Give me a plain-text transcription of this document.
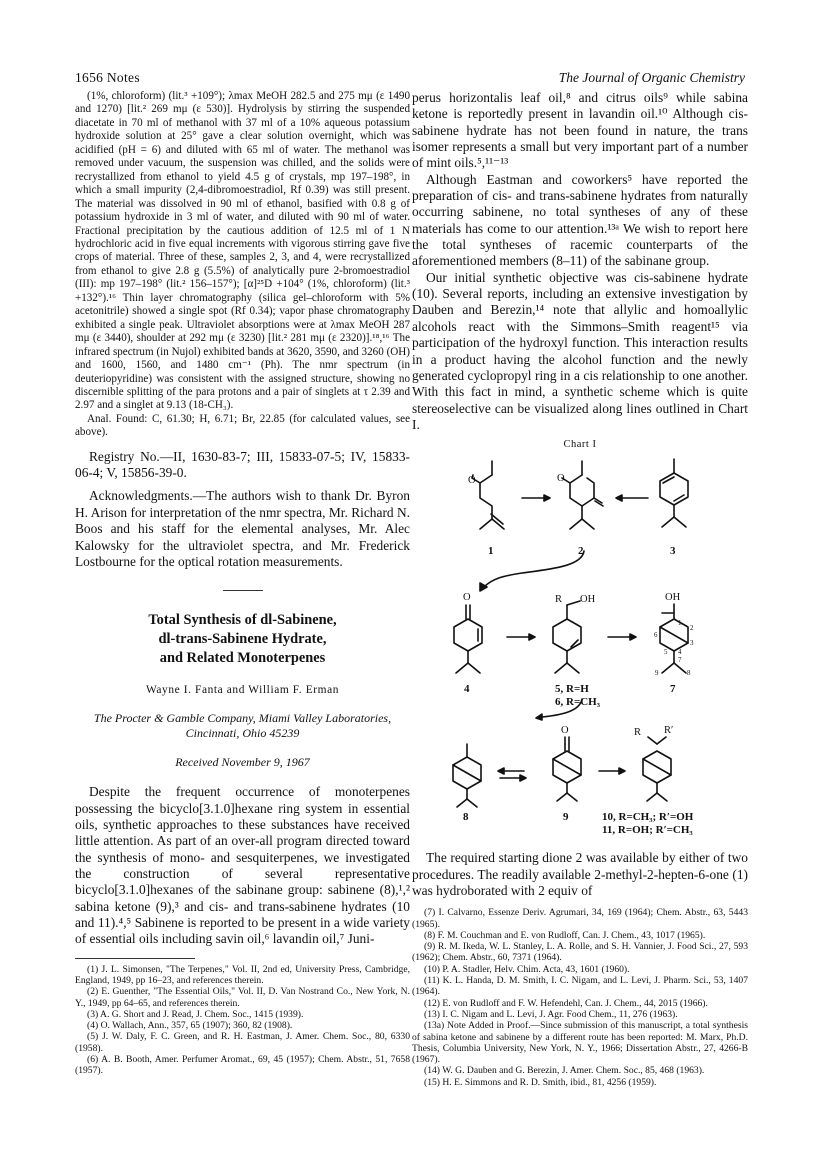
1656 Notes	The Journal of Organic Chemistry

(1%, chloroform) (lit.³ +109°); λmax MeOH 282.5 and 275 mμ (ε 1490 and 1270) [lit.² 269 mμ (ε 530)]. Hydrolysis by stirring the suspended diacetate in 70 ml of methanol with 37 ml of a 10% aqueous potassium hydroxide solution at 25° gave a clear solution overnight, which was acidified (pH = 6) and diluted with 65 ml of water. The methanol was removed under vacuum, the suspension was chilled, and the solids were recrystallized from ethanol to yield 4.5 g of crystals, mp 197–198°, in which a small impurity (2,4-dibromoestradiol, Rf 0.39) was still present. The material was dissolved in 90 ml of ethanol, basified with 0.8 g of potassium hydroxide in 3 ml of water, and diluted with 90 ml of water. Fractional precipitation by the cautious addition of 12.5 ml of 1 N hydrochloric acid in five equal increments with vigorous stirring gave five crops of material. Three of these, samples 2, 3, and 4, were recrystallized from ethanol to give 2.8 g (5.5%) of analytically pure 2-bromoestradiol (III): mp 197–198° (lit.² 156–157°); [α]²⁵D +104° (1%, chloroform) (lit.³ +132°).¹⁶ Thin layer chromatography (silica gel–chloroform with 5% acetonitrile) showed a single spot (Rf 0.34); vapor phase chromatography exhibited a single peak. Ultraviolet absorptions were at λmax MeOH 287 mμ (ε 3440), shoulder at 292 mμ (ε 3230) [lit.² 281 mμ (ε 2320)].¹⁸,¹⁶ The infrared spectrum (in Nujol) exhibited bands at 3620, 3590, and 3260 (OH) and 1600, 1560, and 1480 cm⁻¹ (Ph). The nmr spectrum (in deuteriopyridine) was consistent with the assigned structure, showing no discernible splitting of the para protons and a pair of singlets at τ 2.39 and 2.97 and a singlet at 9.13 (18-CH₃).

Anal. Found: C, 61.30; H, 6.71; Br, 22.85 (for calculated values, see above).

Registry No.—II, 1630-83-7; III, 15833-07-5; IV, 15833-06-4; V, 15856-39-0.

Acknowledgments.—The authors wish to thank Dr. Byron H. Arison for interpretation of the nmr spectra, Mr. Richard N. Boos and his staff for the elemental analyses, Mr. Alec Kalowsky for the ultraviolet spectra, and Mr. Frederick Lostbourne for the optical rotation measurements.

Total Synthesis of dl-Sabinene,

dl-trans-Sabinene Hydrate,

and Related Monoterpenes

Wayne I. Fanta and William F. Erman

The Procter & Gamble Company, Miami Valley Laboratories,

Cincinnati, Ohio 45239

Received November 9, 1967

Despite the frequent occurrence of monoterpenes possessing the bicyclo[3.1.0]hexane ring system in essential oils, synthetic approaches to these substances have received little attention. As part of an over-all program directed toward the synthesis of mono- and sesquiterpenes, we investigated the construction of several representative bicyclo[3.1.0]hexanes of the sabinane group: sabinene (8),¹,² sabina ketone (9),³ and cis- and trans-sabinene hydrates (10 and 11).⁴,⁵ Sabinene is reported to be present in a wide variety of essential oils including savin oil,⁶ lavandin oil,⁷ Juni-

(1) J. L. Simonsen, "The Terpenes," Vol. II, 2nd ed, University Press, Cambridge, England, 1949, pp 16–23, and references therein.

(2) E. Guenther, "The Essential Oils," Vol. II, D. Van Nostrand Co., New York, N. Y., 1949, pp 64–65, and references therein.

(3) A. G. Short and J. Read, J. Chem. Soc., 1415 (1939).

(4) O. Wallach, Ann., 357, 65 (1907); 360, 82 (1908).

(5) J. W. Daly, F. C. Green, and R. H. Eastman, J. Amer. Chem. Soc., 80, 6330 (1958).

(6) A. B. Booth, Amer. Perfumer Aromat., 69, 45 (1957); Chem. Abstr., 51, 7658 (1957).

perus horizontalis leaf oil,⁸ and citrus oils⁹ while sabina ketone is reportedly present in lavandin oil.¹⁰ Although cis-sabinene hydrate has not been found in nature, the trans isomer represents a small but very important part of a number of mint oils.⁵,¹¹⁻¹³

Although Eastman and coworkers⁵ have reported the preparation of cis- and trans-sabinene hydrates from naturally occurring sabinene, no total syntheses of any of these materials has come to our attention.¹³ᵃ We wish to report here the total syntheses of racemic counterparts of the aforementioned members (8–11) of the sabinane group.

Our initial synthetic objective was cis-sabinene hydrate (10). Several reports, including an extensive investigation by Dauben and Berezin,¹⁴ note that allylic and homoallylic alcohols react with the Simmons–Smith reagent¹⁵ via participation of the hydroxyl function. This interaction results in a product having the alcohol function and the newly generated cyclopropyl ring in a cis relationship to one another. With this fact in mind, a synthetic scheme which is quite stereoselective can be visualized along lines outlined in Chart I.

Chart I
O	O
O	R OH	OH
O	R R′
1
2
3
4
5
6
7
8
9
1	2	3
4	5, R=H
6, R=CH₃
7
8	9	10, R=CH₃; R′=OH
11, R=OH; R′=CH₃

The required starting dione 2 was available by either of two procedures. The readily available 2-methyl-2-hepten-6-one (1) was hydroborated with 2 equiv of

(7) I. Calvarno, Essenze Deriv. Agrumari, 34, 169 (1964); Chem. Abstr., 63, 5443 (1965).

(8) F. M. Couchman and E. von Rudloff, Can. J. Chem., 43, 1017 (1965).

(9) R. M. Ikeda, W. L. Stanley, L. A. Rolle, and S. H. Vannier, J. Food Sci., 27, 593 (1962); Chem. Abstr., 60, 7371 (1964).

(10) P. A. Stadler, Helv. Chim. Acta, 43, 1601 (1960).

(11) K. L. Handa, D. M. Smith, I. C. Nigam, and L. Levi, J. Pharm. Sci., 53, 1407 (1964).

(12) E. von Rudloff and F. W. Hefendehl, Can. J. Chem., 44, 2015 (1966).

(13) I. C. Nigam and L. Levi, J. Agr. Food Chem., 11, 276 (1963).

(13a) Note Added in Proof.—Since submission of this manuscript, a total synthesis of sabina ketone and sabinene by a different route has been reported: M. Marx, Ph.D. Thesis, Columbia University, New York, N. Y., 1966; Dissertation Abstr., 27, 4266-B (1967).

(14) W. G. Dauben and G. Berezin, J. Amer. Chem. Soc., 85, 468 (1963).

(15) H. E. Simmons and R. D. Smith, ibid., 81, 4256 (1959).
